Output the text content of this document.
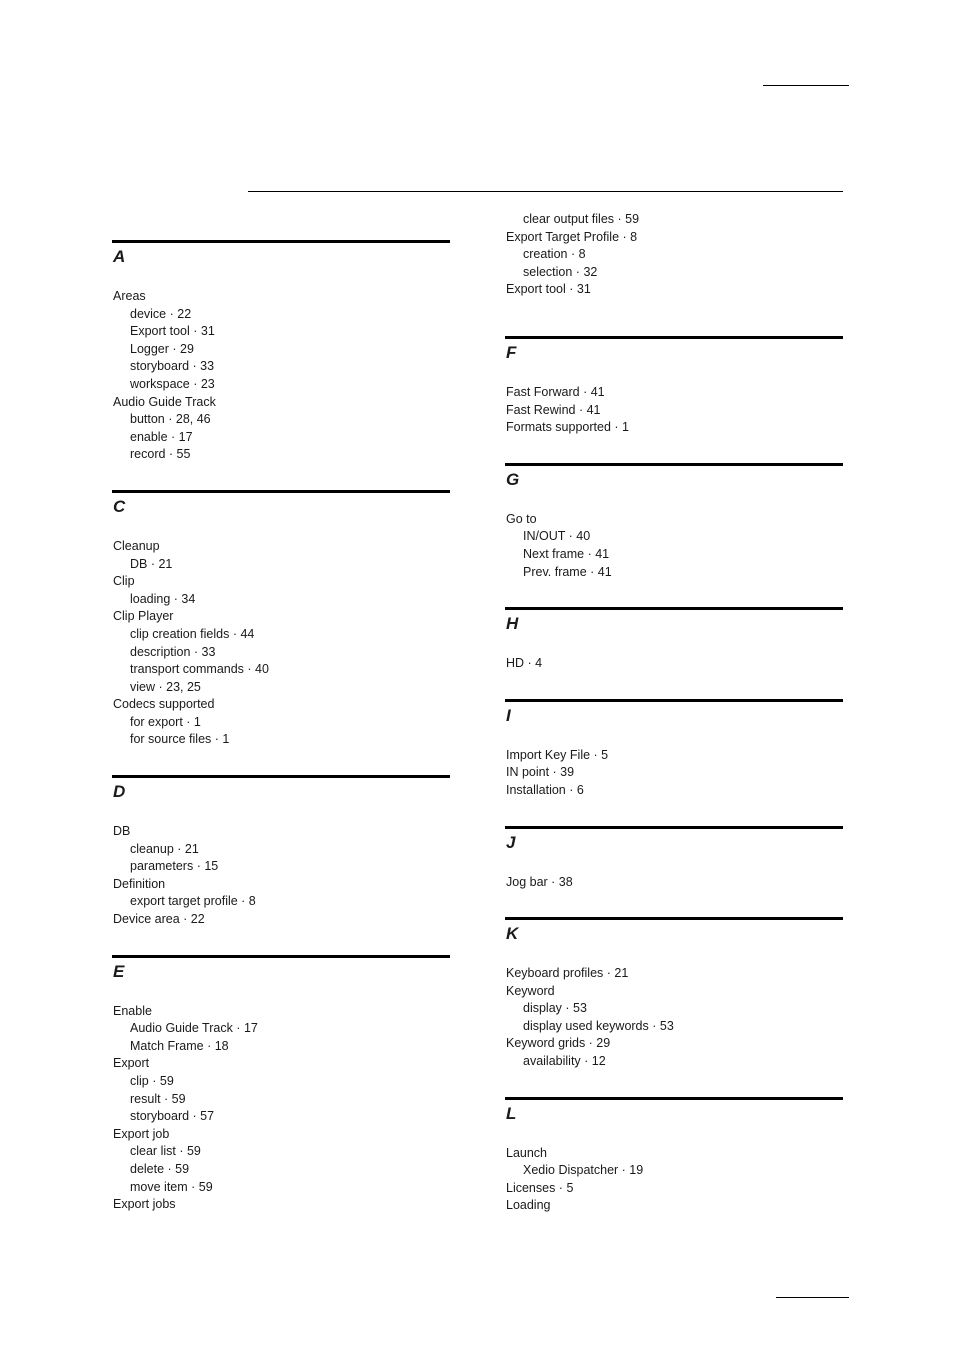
A
Areas
device · 22
Export tool · 31
Logger · 29
storyboard · 33
workspace · 23
Audio Guide Track
button · 28, 46
enable · 17
record · 55
C
Cleanup
DB · 21
Clip
loading · 34
Clip Player
clip creation fields · 44
description · 33
transport commands · 40
view · 23, 25
Codecs supported
for export · 1
for source files · 1
D
DB
cleanup · 21
parameters · 15
Definition
export target profile · 8
Device area · 22
E
Enable
Audio Guide Track · 17
Match Frame · 18
Export
clip · 59
result · 59
storyboard · 57
Export job
clear list · 59
delete · 59
move item · 59
Export jobs
clear output files · 59
Export Target Profile · 8
creation · 8
selection · 32
Export tool · 31
F
Fast Forward · 41
Fast Rewind · 41
Formats supported · 1
G
Go to
IN/OUT · 40
Next frame · 41
Prev. frame · 41
H
HD · 4
I
Import Key File · 5
IN point · 39
Installation · 6
J
Jog bar · 38
K
Keyboard profiles · 21
Keyword
display · 53
display used keywords · 53
Keyword grids · 29
availability · 12
L
Launch
Xedio Dispatcher · 19
Licenses · 5
Loading
